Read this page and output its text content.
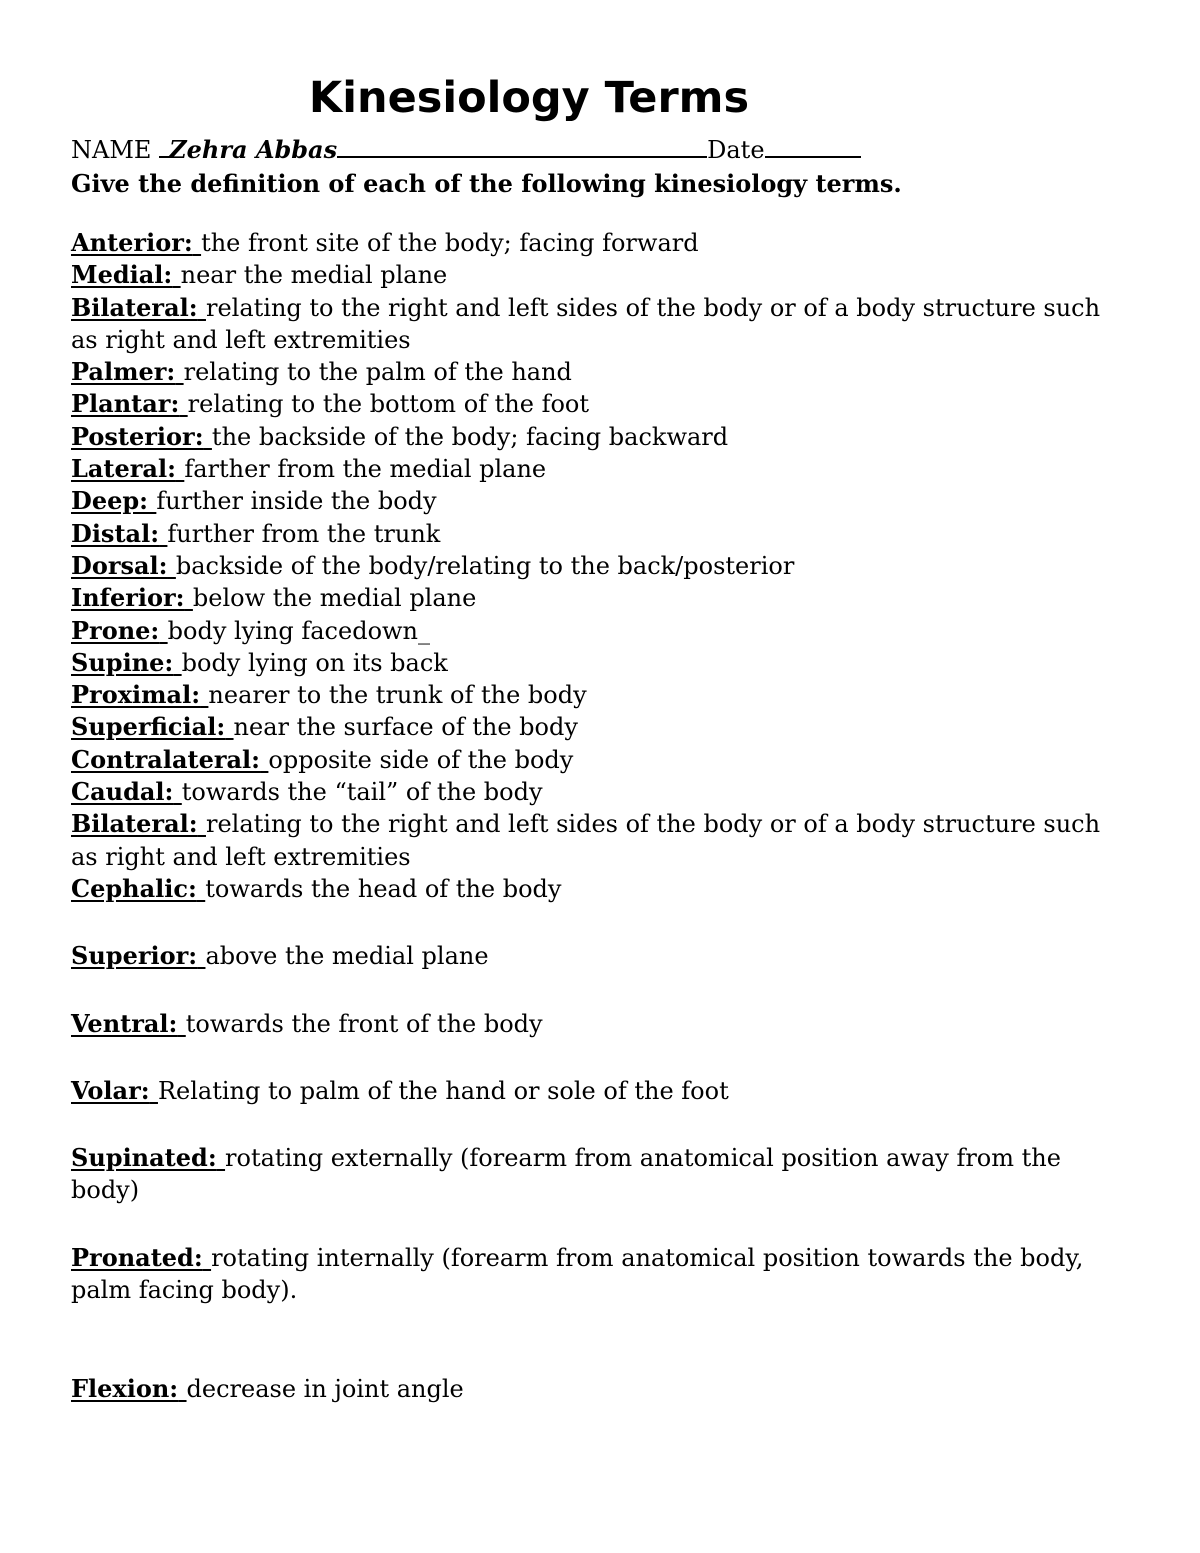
Kinesiology Terms
NAME Zehra Abbas	Date

Give the definition of each of the following kinesiology terms.

Anterior: the front site of the body; facing forward

Medial: near the medial plane

Bilateral: relating to the right and left sides of the body or of a body structure such as right and left extremities

Palmer: relating to the palm of the hand

Plantar: relating to the bottom of the foot

Posterior: the backside of the body; facing backward

Lateral: farther from the medial plane

Deep: further inside the body

Distal: further from the trunk

Dorsal: backside of the body/relating to the back/posterior

Inferior: below the medial plane

Prone: body lying facedown_

Supine: body lying on its back

Proximal: nearer to the trunk of the body

Superficial: near the surface of the body

Contralateral: opposite side of the body

Caudal: towards the “tail” of the body

Bilateral: relating to the right and left sides of the body or of a body structure such as right and left extremities

Cephalic: towards the head of the body

Superior: above the medial plane

Ventral: towards the front of the body

Volar: Relating to palm of the hand or sole of the foot

Supinated: rotating externally (forearm from anatomical position away from the body)

Pronated: rotating internally (forearm from anatomical position towards the body, palm facing body).

Flexion: decrease in joint angle
